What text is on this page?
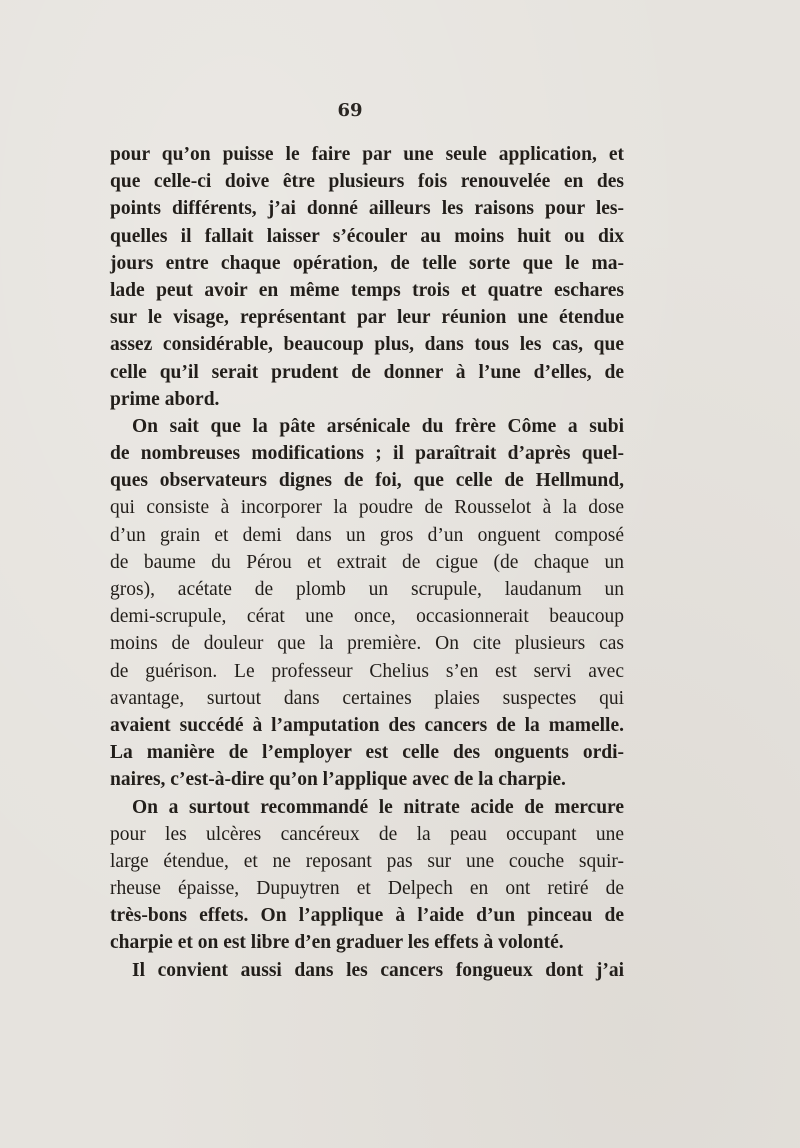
69
pour qu’on puisse le faire par une seule application, et
que celle-ci doive être plusieurs fois renouvelée en des
points différents, j’ai donné ailleurs les raisons pour les-
quelles il fallait laisser s’écouler au moins huit ou dix
jours entre chaque opération, de telle sorte que le ma-
lade peut avoir en même temps trois et quatre eschares
sur le visage, représentant par leur réunion une étendue
assez considérable, beaucoup plus, dans tous les cas, que
celle qu’il serait prudent de donner à l’une d’elles, de
prime abord.
On sait que la pâte arsénicale du frère Côme a subi
de nombreuses modifications ; il paraîtrait d’après quel-
ques observateurs dignes de foi, que celle de Hellmund,
qui consiste à incorporer la poudre de Rousselot à la dose
d’un grain et demi dans un gros d’un onguent composé
de baume du Pérou et extrait de cigue (de chaque un
gros), acétate de plomb un scrupule, laudanum un
demi-scrupule, cérat une once, occasionnerait beaucoup
moins de douleur que la première. On cite plusieurs cas
de guérison. Le professeur Chelius s’en est servi avec
avantage, surtout dans certaines plaies suspectes qui
avaient succédé à l’amputation des cancers de la mamelle.
La manière de l’employer est celle des onguents ordi-
naires, c’est-à-dire qu’on l’applique avec de la charpie.
On a surtout recommandé le nitrate acide de mercure
pour les ulcères cancéreux de la peau occupant une
large étendue, et ne reposant pas sur une couche squir-
rheuse épaisse, Dupuytren et Delpech en ont retiré de
très-bons effets. On l’applique à l’aide d’un pinceau de
charpie et on est libre d’en graduer les effets à volonté.
Il convient aussi dans les cancers fongueux dont j’ai
